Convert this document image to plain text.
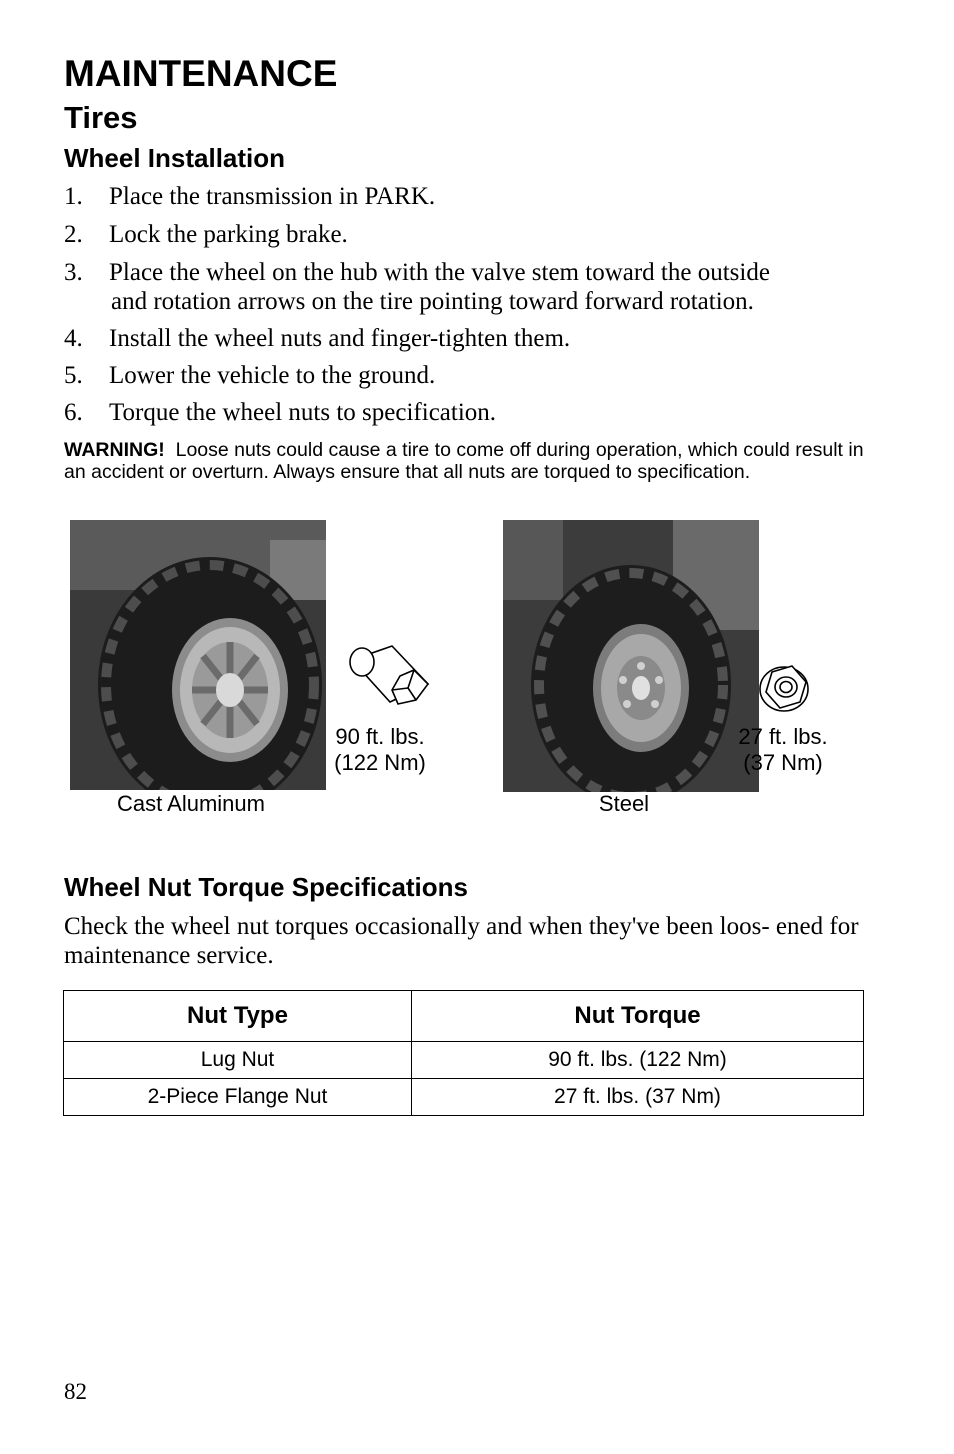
MAINTENANCE
Tires
Wheel Installation
1.	Place the transmission in PARK.
2.	Lock the parking brake.
3.	Place the wheel on the hub with the valve stem toward the outside
and rotation arrows on the tire pointing toward forward rotation.
4.	Install the wheel nuts and finger-tighten them.
5.	Lower the vehicle to the ground.
6.	Torque the wheel nuts to specification.
WARNING! Loose nuts could cause a tire to come off during operation, which could result in an accident or overturn. Always ensure that all nuts are torqued to specification.
90 ft. lbs.
(122 Nm)
Cast Aluminum
27 ft. lbs.
(37 Nm)
Steel
Wheel Nut Torque Specifications
Check the wheel nut torques occasionally and when they've been loos- ened for maintenance service.
Nut Type	Nut Torque
Lug Nut	90 ft. lbs. (122 Nm)
2-Piece Flange Nut	27 ft. lbs. (37 Nm)
82
